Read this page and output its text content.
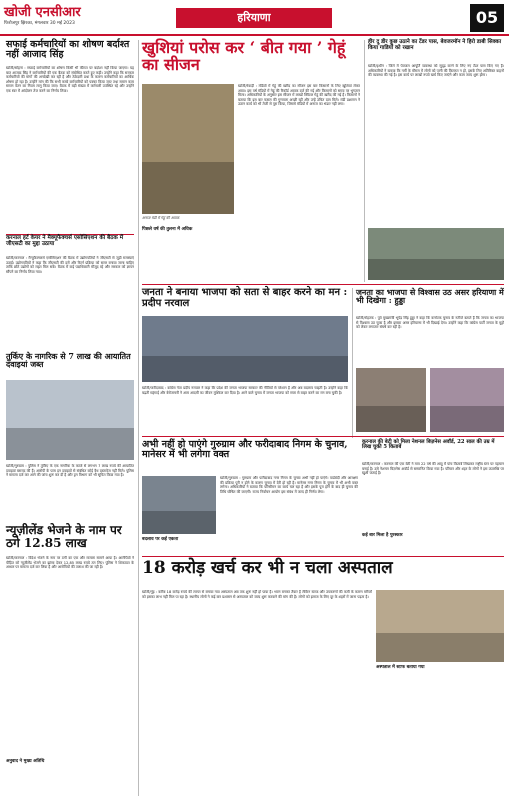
खोजी एनसीआर
फिरोजपुर झिरका, मंगलवार 30 मई 2023	हरियाणा	05
सफाई कर्मचारियों का शोषण बर्दाश्त नहीं आजाद सिंह
खोजी/सोहना : सफाई कर्मचारियों का शोषण किसी भी कीमत पर बर्दाश्त नहीं किया जाएगा। यह बात आजाद सिंह ने कर्मचारियों की एक बैठक को संबोधित करते हुए कही। उन्होंने कहा कि सरकार कर्मचारियों की मांगों की अनदेखी कर रही है और ठेकेदारी प्रथा के कारण कर्मचारियों का आर्थिक शोषण हो रहा है। उन्होंने मांग की कि सभी कच्चे कर्मचारियों को पक्का किया जाए तथा समान काम समान वेतन का नियम लागू किया जाए। बैठक में बड़ी संख्या में कर्मचारी उपस्थित रहे और उन्होंने एक स्वर में आंदोलन तेज करने का निर्णय लिया।
करनाल हर्ट केयर ने मैक्यूफैक्चर्स एसोसिएशन की बैठक में जीएसटी का मुद्दा उठाया
खोजी/करनाल : मैन्युफैक्चरर्स एसोसिएशन की बैठक में उद्योगपतियों ने जीएसटी से जुड़ी समस्याएं उठाईं। उद्योगपतियों ने कहा कि जीएसटी की दरों और रिटर्न प्रक्रिया को सरल बनाया जाना चाहिए ताकि छोटे उद्योगों को राहत मिल सके। बैठक में कई पदाधिकारी मौजूद रहे और सरकार को ज्ञापन सौंपने का निर्णय लिया गया।
तुर्किए के नागरिक से 7 लाख की आयातित दवाइयां जब्त
खोजी/गुरुग्राम : पुलिस ने तुर्किए के एक नागरिक के कब्जे से लगभग 7 लाख रुपये की आयातित दवाइयां बरामद की हैं। आरोपी के पास इन दवाइयों से संबंधित कोई वैध दस्तावेज नहीं मिले। पुलिस ने मामला दर्ज कर आगे की जांच शुरू कर दी है और ड्रग विभाग को भी सूचित किया गया है।
न्यूज़ीलेंड भेजने के नाम पर ठगे 12.85 लाख
खोजी/करनाल : विदेश भेजने के नाम पर ठगी का एक और मामला सामने आया है। आरोपियों ने पीड़ित को न्यूज़ीलेंड भेजने का झांसा देकर 12.85 लाख रुपये ठग लिए। पुलिस ने शिकायत के आधार पर मामला दर्ज कर लिया है और आरोपियों की तलाश की जा रही है।
अनुवाद ने मुख्य अतिथि
खुशियां परोस कर ‘ बीत गया ’ गेहूं का सीजन
अनाज मंडी में गेहूं की आवक
खोजी/रेवाड़ी : मंडियों में गेहूं की खरीद का सीजन इस बार किसानों के लिए खुशियां लेकर आया। इस वर्ष मंडियों में गेहूं की रिकॉर्ड आवक दर्ज की गई और किसानों को समय पर भुगतान मिला। अधिकारियों के अनुसार इस सीजन में लाखों क्विंटल गेहूं की खरीद की गई है। किसानों ने बताया कि इस बार फसल की गुणवत्ता अच्छी रही और उन्हें उचित दाम मिले। मंडी प्रशासन ने उठान कार्य को भी तेजी से पूरा किया, जिससे मंडियों में अनाज का भंडार नहीं लगा।
पिछले वर्ष की तुलना में अधिक
हीर दु डीर कुछ उठाने का टेंडर पास, बेवजरमॉन ने हिरो डाबी सिक्का किया गाडियों को रखान
खोजी/हथीन : जिले में पेयजल आपूर्ति व्यवस्था को सुदृढ़ करने के लिए नए टेंडर पास किए गए हैं। अधिकारियों ने बताया कि गर्मी के मौसम में लोगों को पानी की किल्लत न हो, इसके लिए अतिरिक्त वाहनों की व्यवस्था की गई है। इस कार्य पर लाखों रुपये खर्च किए जाएंगे और काम जल्द शुरू होगा।
जनता ने बनाया भाजपा को सता से बाहर करने का मन : प्रदीप नरवाल
खोजी/फरीदाबाद : कांग्रेस नेता प्रदीप नरवाल ने कहा कि प्रदेश की जनता भाजपा सरकार की नीतियों से परेशान है और अब बदलाव चाहती है। उन्होंने कहा कि बढ़ती महंगाई और बेरोजगारी ने आम आदमी का जीवन मुश्किल कर दिया है। आने वाले चुनाव में जनता भाजपा को सत्ता से बाहर करने का मन बना चुकी है।
जनता का भाजपा से विश्वास उठ असर हरियाणा में भी दिखेगा : हुड्डा
खोजी/रोहतक : पूर्व मुख्यमंत्री भूपेंद्र सिंह हुड्डा ने कहा कि कर्नाटक चुनाव के नतीजे बताते हैं कि जनता का भाजपा से विश्वास उठ चुका है और इसका असर हरियाणा में भी दिखाई देगा। उन्होंने कहा कि कांग्रेस पार्टी जनता के मुद्दों को लेकर लगातार संघर्ष कर रही है।
अभी नहीं हो पाएंगे गुरुग्राम और फरीदाबाद निगम के चुनाव, मानेसर में भी लगेगा वक्त
खोजी/गुरुग्राम : गुरुग्राम और फरीदाबाद नगर निगम के चुनाव अभी नहीं हो पाएंगे। वार्डबंदी और आरक्षण की प्रक्रिया पूरी न होने के कारण चुनाव में देरी हो रही है। मानेसर नगर निगम के चुनाव में भी अभी वक्त लगेगा। अधिकारियों ने बताया कि परिसीमन का कार्य चल रहा है और इसके पूरा होने के बाद ही चुनाव की तिथि घोषित की जाएगी। राज्य निर्वाचन आयोग इस संबंध में जल्द ही निर्णय लेगा।
बदलाव पर कई एकता
करनाल की बेटी को मिला नेशनल बिज़नेस अवॉर्ड, 22 साल की उम्र में लिख चुकी 5 किताबें
खोजी/करनाल : करनाल की एक बेटी ने मात्र 22 वर्ष की आयु में पांच किताबें लिखकर राष्ट्रीय स्तर पर पहचान बनाई है। उसे नेशनल बिज़नेस अवॉर्ड से सम्मानित किया गया है। परिवार और शहर के लोगों ने इस उपलब्धि पर खुशी जताई है।
कई बार मिला है पुरस्कार
18 करोड़ खर्च कर भी न चला अस्पताल
खोजी/नूंह : करीब 18 करोड़ रुपये की लागत से बनाया गया अस्पताल अब तक शुरू नहीं हो पाया है। भवन बनकर तैयार है लेकिन स्टाफ और उपकरणों की कमी के कारण मरीजों को इसका लाभ नहीं मिल पा रहा है। स्थानीय लोगों ने कई बार प्रशासन से अस्पताल को जल्द शुरू करवाने की मांग की है। लोगों को इलाज के लिए दूर के शहरों में जाना पड़ता है।
अस्पताल में स्टाफ बताया गया
